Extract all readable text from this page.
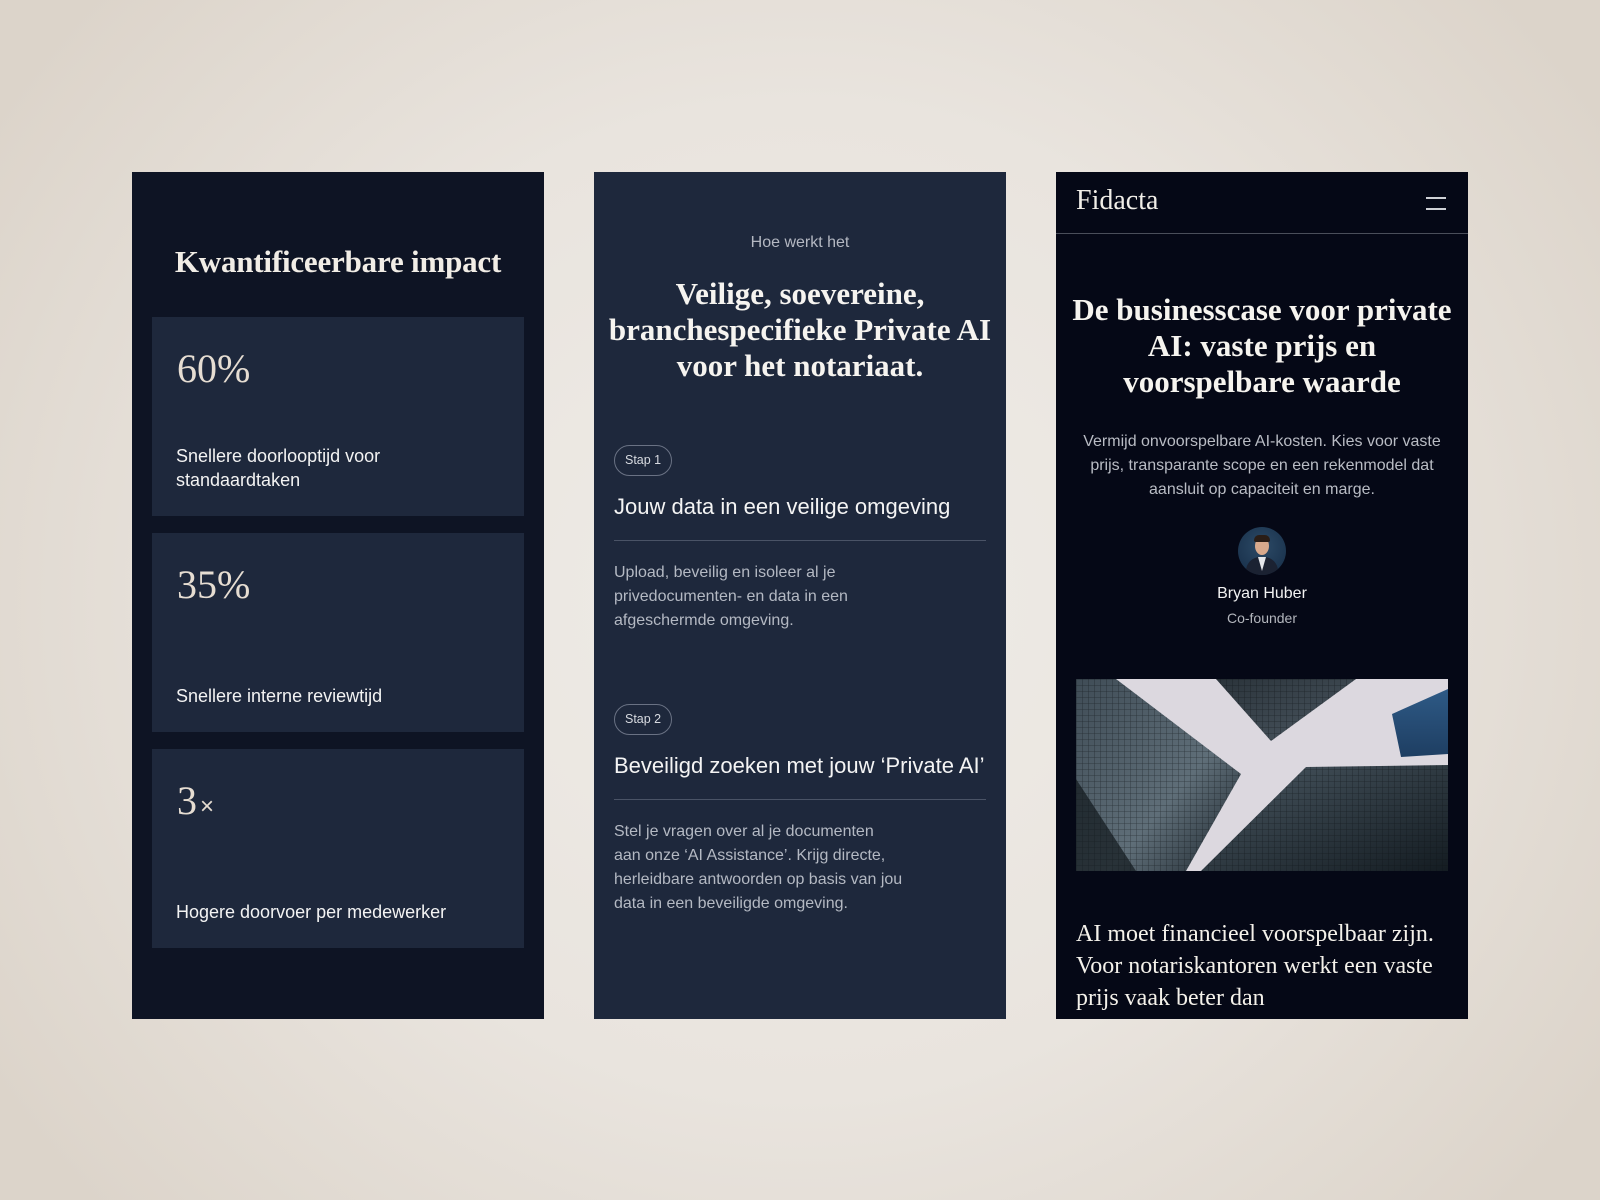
Kwantificeerbare impact
60%
Snellere doorlooptijd voor standaardtaken
35%
Snellere interne reviewtijd
3 ×
Hogere doorvoer per medewerker
Hoe werkt het
Veilige, soevereine, branchespecifieke Private AI voor het notariaat.
Stap 1
Jouw data in een veilige omgeving
Upload, beveilig en isoleer al je privedocumenten- en data in een afgeschermde omgeving.
Stap 2
Beveiligd zoeken met jouw ‘Private AI’
Stel je vragen over al je documenten aan onze ‘AI Assistance’. Krijg directe, herleidbare antwoorden op basis van jou data in een beveiligde omgeving.
Fidacta
De businesscase voor private AI: vaste prijs en voorspelbare waarde

Vermijd onvoorspelbare AI-kosten. Kies voor vaste prijs, transparante scope en een rekenmodel dat aansluit op capaciteit en marge.

Bryan Huber
Co-founder

AI moet financieel voorspelbaar zijn. Voor notariskantoren werkt een vaste prijs vaak beter dan
